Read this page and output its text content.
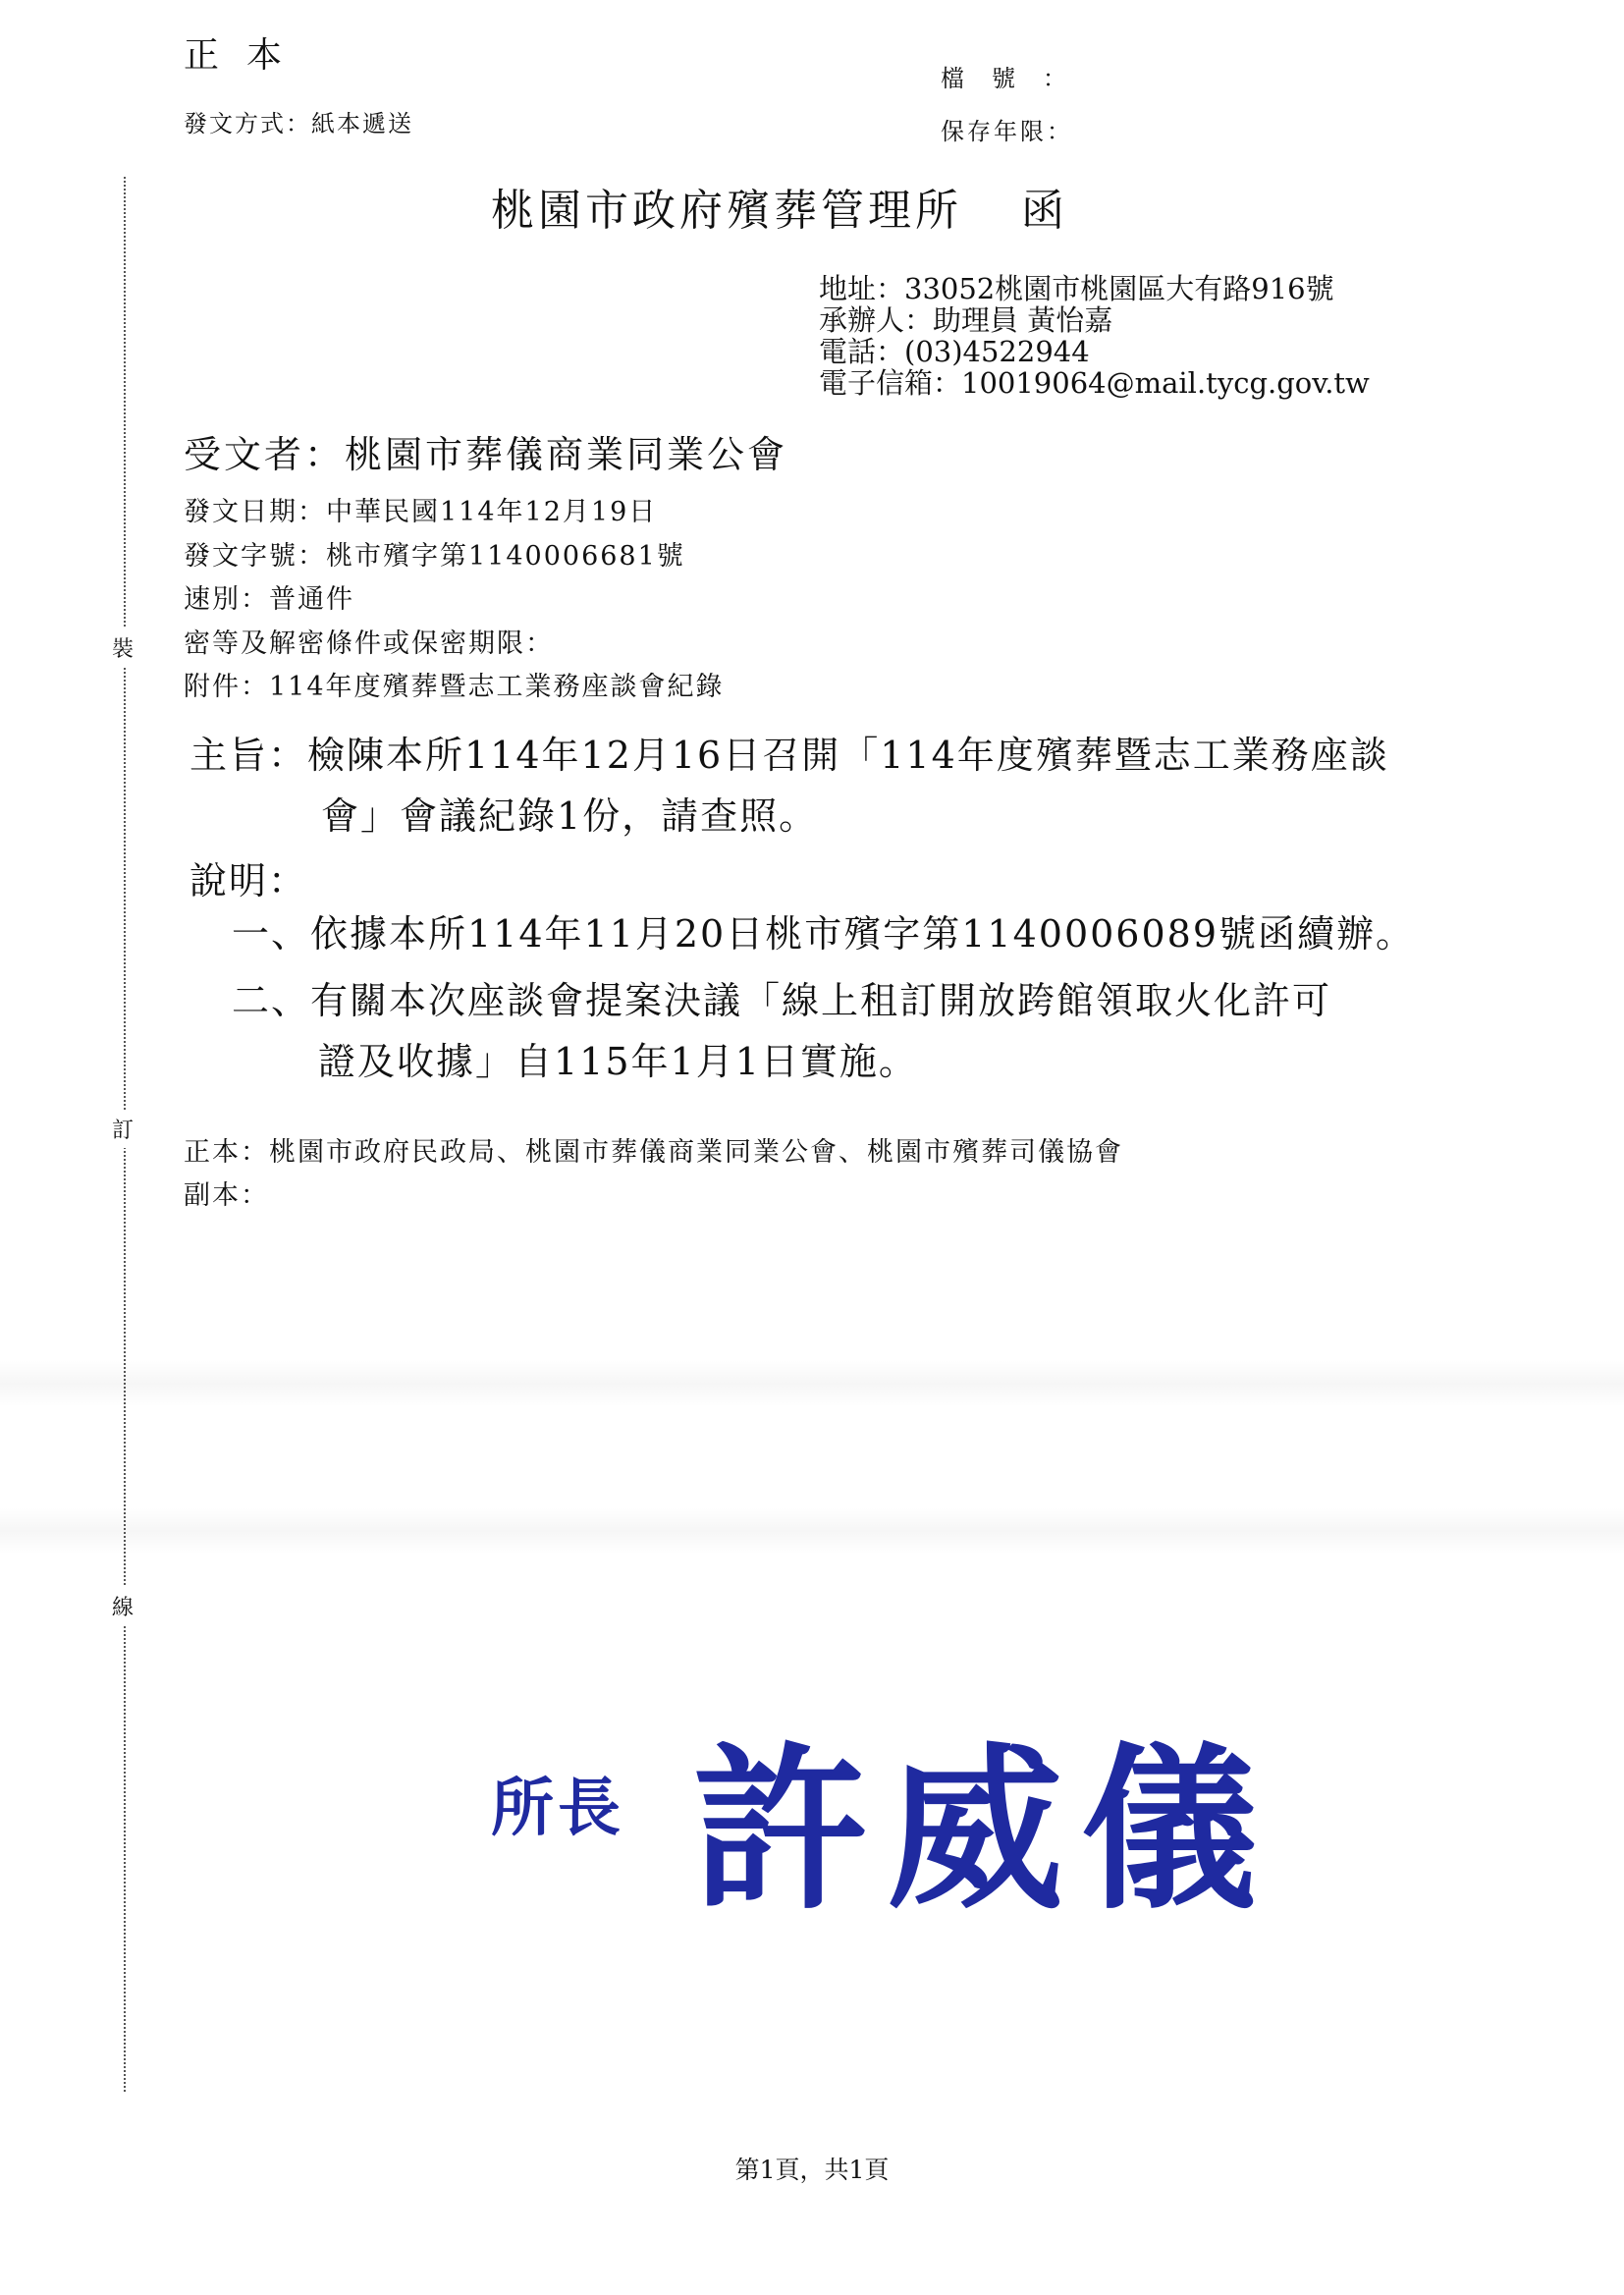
正本
發文方式：紙本遞送
檔號：
保存年限：
桃園市政府殯葬管理所 函
地址：33052桃園市桃園區大有路916號
承辦人：助理員 黃怡嘉
電話：(03)4522944
電子信箱：10019064@mail.tycg.gov.tw
受文者：桃園市葬儀商業同業公會
發文日期：中華民國114年12月19日
發文字號：桃市殯字第1140006681號
速別：普通件
密等及解密條件或保密期限：
附件：114年度殯葬暨志工業務座談會紀錄
主旨：檢陳本所114年12月16日召開「114年度殯葬暨志工業務座談
會」會議紀錄1份，請查照。
說明：
一、依據本所114年11月20日桃市殯字第1140006089號函續辦。
二、有關本次座談會提案決議「線上租訂開放跨館領取火化許可
證及收據」自115年1月1日實施。
正本：桃園市政府民政局、桃園市葬儀商業同業公會、桃園市殯葬司儀協會
副本：
裝
訂
線
所長 許威儀
第1頁，共1頁
